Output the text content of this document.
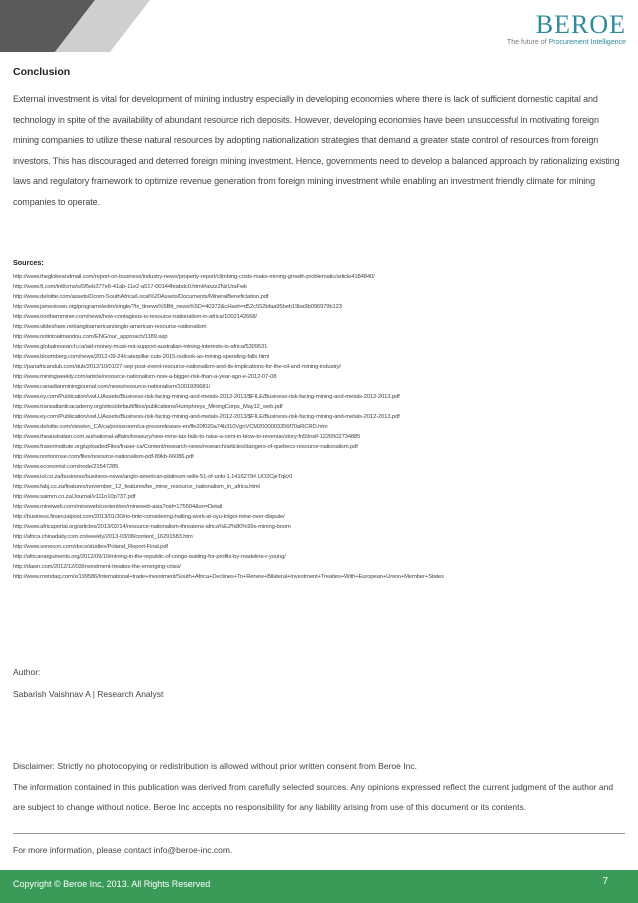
BEROE
The future of Procurement Intelligence
Conclusion

External investment is vital for development of mining industry especially in developing economies where there is lack of sufficient domestic capital and technology in spite of the availability of abundant resource rich deposits. However, developing economies have been unsuccessful in motivating foreign mining companies to utilize these natural resources by adopting nationalization strategies that demand a greater state control of resources from foreign investors. This has discouraged and deterred foreign mining investment. Hence, governments need to develop a balanced approach by rationalizing existing laws and regulatory framework to optimize revenue generation from foreign mining investment while enabling an investment friendly climate for mining companies to operate.

Sources:
http://www.theglobeandmail.com/report-on-business/industry-news/property-report/climbing-costs-make-mining-growth-problematic/article4184840/
http://www.ft.com/intl/cms/s/0/5eb377e6-41ab-11e2-a517-00144feabdc0.html#axzz2NzUraFwk
http://www.deloitte.com/assets/Dcom-SouthAfrica/Local%20Assets/Documents/MineralBeneficiation.pdf
http://www.jamestown.org/programs/edm/single/?tx_ttnews%5Btt_news%5D=40372&cHash=d52c552bfaa95beb19ba9b096979b123
http://www.northernminer.com/news/how-contagious-is-resource-nationalism-in-africa/1002142668/
http://www.slideshare.net/angloamerican/anglo-american-resource-nationalism
http://www.riotintoalmandou.com/ENG/our_approach/1189.asp
http://www.globalresearch.ca/aid-money-must-not-support-australian-mining-interests-in-africa/5309531
http://www.bloomberg.com/news/2012-09-24/caterpillar-cuts-2015-outlook-as-mining-spending-falls.html
http://panafricandub.com/dub/2012/10/01/27-sep-post-event-resource-nationalism-and-its-implications-for-the-oil-and-mining-industry/
http://www.miningweekly.com/article/resource-nationalism-now-a-bigger-risk-than-a-year-ago-e-2012-07-08
http://www.canadianminingjournal.com/news/resource-nationalism/1001939681/
http://www.ey.com/Publication/vwLUAssets/Business-risk-facing-mining-and-metals-2012-2013/$FILE/Business-risk-facing-mining-and-metals-2012-2013.pdf
http://www.transatlanticacademy.org/sites/default/files/publications/Humphreys_MiningCorps_May12_web.pdf
http://www.ey.com/Publication/vwLUAssets/Business-risk-facing-mining-and-metals-2012-2013/$FILE/Business-risk-facing-mining-and-metals-2012-2013.pdf
http://www.deloitte.com/view/en_CA/ca/pressroom/ca-pressreleases-en/ffe20f020a74b310VgnVCM2000003356f70aRCRD.htm
http://www.theaustralian.com.au/national-affairs/treasury/new-mine-tax-fails-to-raise-a-cent-in-blow-to-revenue/story-fn59nsif-1226502734885
http://www.fraserinstitute.org/uploadedFiles/fraser-ca/Content/research-news/research/articles/dangers-of-quebecs-resource-nationalism.pdf
http://www.nortonrose.com/files/resource-nationalism-pdf-89kb-66086.pdf
http://www.economist.com/node/21547285
http://www.iol.co.za/business/business-news/anglo-american-platinum-sells-51-of-unki-1.1416279#.UO2CjeTqkXI
http://www.fabj.co.za/features/november_12_features/be_mine_resource_nationalism_in_africa.html
http://www.saimm.co.za/Journal/v111n10p737.pdf
http://www.mineweb.com/mineweb/content/en/mineweb-asia?oid=175504&sn=Detail
http://business.financialpost.com/2013/01/30/rio-tinto-considering-halting-work-at-oyu-tolgoi-mine-over-dispute/
http://www.africaportal.org/articles/2013/02/14/resource-nationalism-threatens-africa%E2%80%99s-mining-boom
http://africa.chinadaily.com.cn/weekly/2013-03/08/content_16291583.htm
http://www.sonecon.com/docs/studies/Poland_Report-Final.pdf
http://africanarguments.org/2012/09/10/mining-in-the-republic-of-congo-waiting-for-profits-by-madeline-r-young/
http://dawn.com/2012/12/03/investment-treaties-the-emerging-crisis/
http://www.mondaq.com/x/199586/International+trade+investment/South+Africa+Declines+To+Renew+Bilateral+Investment+Treaties+With+European+Union+Member+States

Author:

Sabarish Vaishnav A | Research Analyst

Disclaimer: Strictly no photocopying or redistribution is allowed without prior written consent from Beroe Inc.

The information contained in this publication was derived from carefully selected sources. Any opinions expressed reflect the current judgment of the author and are subject to change without notice. Beroe Inc accepts no responsibility for any liability arising from use of this document or its contents.

For more information, please contact info@beroe-inc.com.
Copyright © Beroe Inc, 2013. All Rights Reserved	7
